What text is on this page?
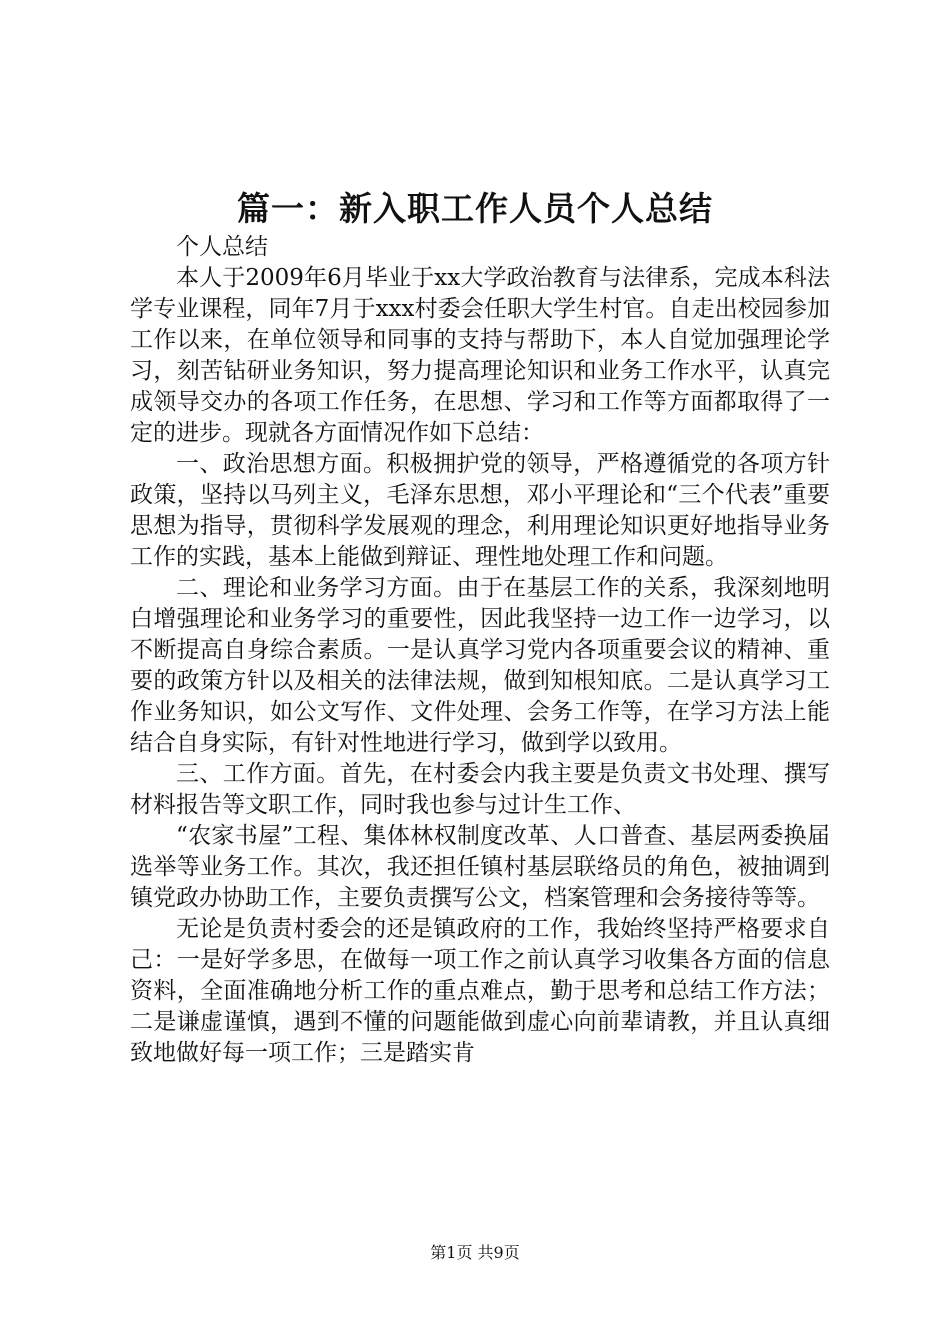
篇一：新入职工作人员个人总结

个人总结

本人于2009年6月毕业于xx大学政治教育与法律系，完成本科法学专业课程，同年7月于xxx村委会任职大学生村官。自走出校园参加工作以来，在单位领导和同事的支持与帮助下，本人自觉加强理论学习，刻苦钻研业务知识，努力提高理论知识和业务工作水平，认真完成领导交办的各项工作任务，在思想、学习和工作等方面都取得了一定的进步。现就各方面情况作如下总结：

一、政治思想方面。积极拥护党的领导，严格遵循党的各项方针政策，坚持以马列主义，毛泽东思想，邓小平理论和“三个代表”重要思想为指导，贯彻科学发展观的理念，利用理论知识更好地指导业务工作的实践，基本上能做到辩证、理性地处理工作和问题。

二、理论和业务学习方面。由于在基层工作的关系，我深刻地明白增强理论和业务学习的重要性，因此我坚持一边工作一边学习，以不断提高自身综合素质。一是认真学习党内各项重要会议的精神、重要的政策方针以及相关的法律法规，做到知根知底。二是认真学习工作业务知识，如公文写作、文件处理、会务工作等，在学习方法上能结合自身实际，有针对性地进行学习，做到学以致用。

三、工作方面。首先，在村委会内我主要是负责文书处理、撰写材料报告等文职工作，同时我也参与过计生工作、

“农家书屋”工程、集体林权制度改革、人口普查、基层两委换届选举等业务工作。其次，我还担任镇村基层联络员的角色，被抽调到镇党政办协助工作，主要负责撰写公文，档案管理和会务接待等等。

无论是负责村委会的还是镇政府的工作，我始终坚持严格要求自己：一是好学多思，在做每一项工作之前认真学习收集各方面的信息资料，全面准确地分析工作的重点难点，勤于思考和总结工作方法；二是谦虚谨慎，遇到不懂的问题能做到虚心向前辈请教，并且认真细致地做好每一项工作；三是踏实肯

第1页 共9页
